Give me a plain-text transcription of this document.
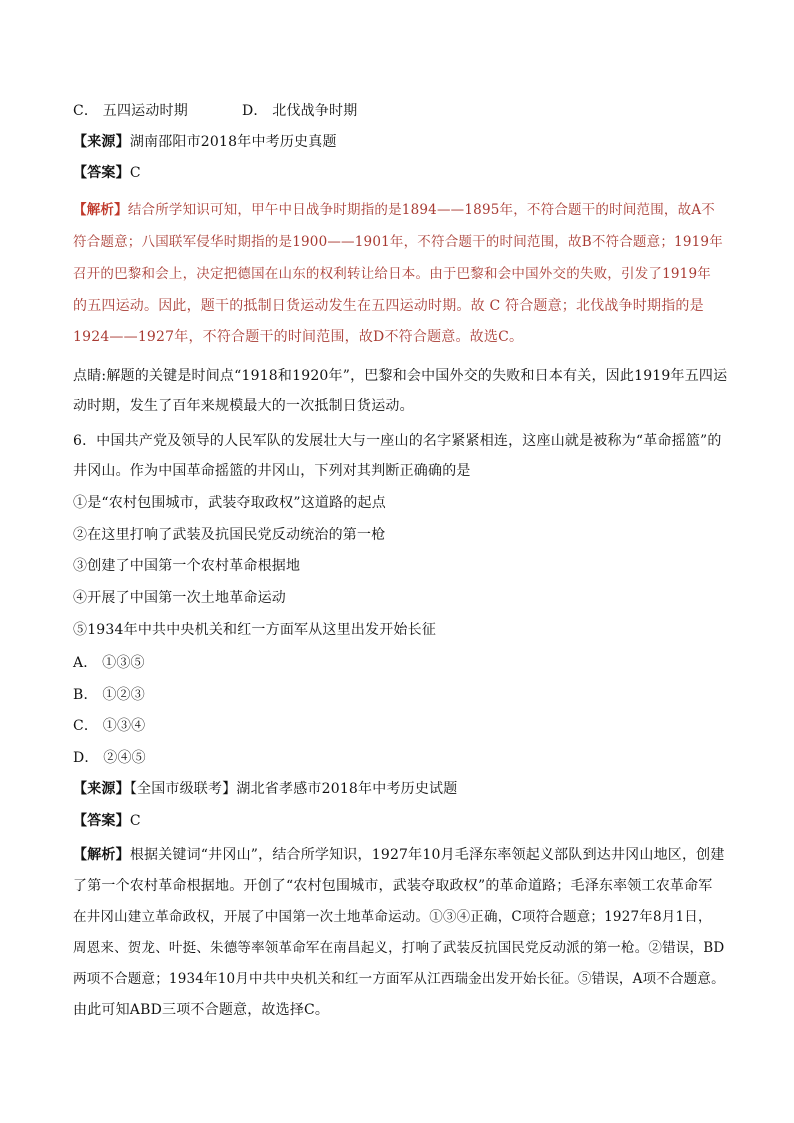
C． 五四运动时期	D． 北伐战争时期
【来源】湖南邵阳市2018年中考历史真题
【答案】C
【解析】结合所学知识可知，甲午中日战争时期指的是1894——1895年，不符合题干的时间范围，故A不
符合题意；八国联军侵华时期指的是1900——1901年，不符合题干的时间范围，故B不符合题意；1919年
召开的巴黎和会上，决定把德国在山东的权利转让给日本。由于巴黎和会中国外交的失败，引发了1919年
的五四运动。因此，题干的抵制日货运动发生在五四运动时期。故 C 符合题意；北伐战争时期指的是
1924——1927年，不符合题干的时间范围，故D不符合题意。故选C。
点睛:解题的关键是时间点“1918和1920年”，巴黎和会中国外交的失败和日本有关，因此1919年五四运
动时期，发生了百年来规模最大的一次抵制日货运动。
6．中国共产党及领导的人民军队的发展壮大与一座山的名字紧紧相连，这座山就是被称为“革命摇篮”的
井冈山。作为中国革命摇篮的井冈山，下列对其判断正确确的是
①是“农村包围城市，武装夺取政权”这道路的起点
②在这里打响了武装及抗国民党反动统治的第一枪
③创建了中国第一个农村革命根据地
④开展了中国第一次土地革命运动
⑤1934年中共中央机关和红一方面军从这里出发开始长征
A． ①③⑤
B． ①②③
C． ①③④
D． ②④⑤
【来源】【全国市级联考】湖北省孝感市2018年中考历史试题
【答案】C
【解析】根据关键词“井冈山”，结合所学知识，1927年10月毛泽东率领起义部队到达井冈山地区，创建
了第一个农村革命根据地。开创了“农村包围城市，武装夺取政权”的革命道路；毛泽东率领工农革命军
在井冈山建立革命政权，开展了中国第一次土地革命运动。①③④正确，C项符合题意；1927年8月1日，
周恩来、贺龙、叶挺、朱德等率领革命军在南昌起义，打响了武装反抗国民党反动派的第一枪。②错误，BD
两项不合题意；1934年10月中共中央机关和红一方面军从江西瑞金出发开始长征。⑤错误，A项不合题意。
由此可知ABD三项不合题意，故选择C。
